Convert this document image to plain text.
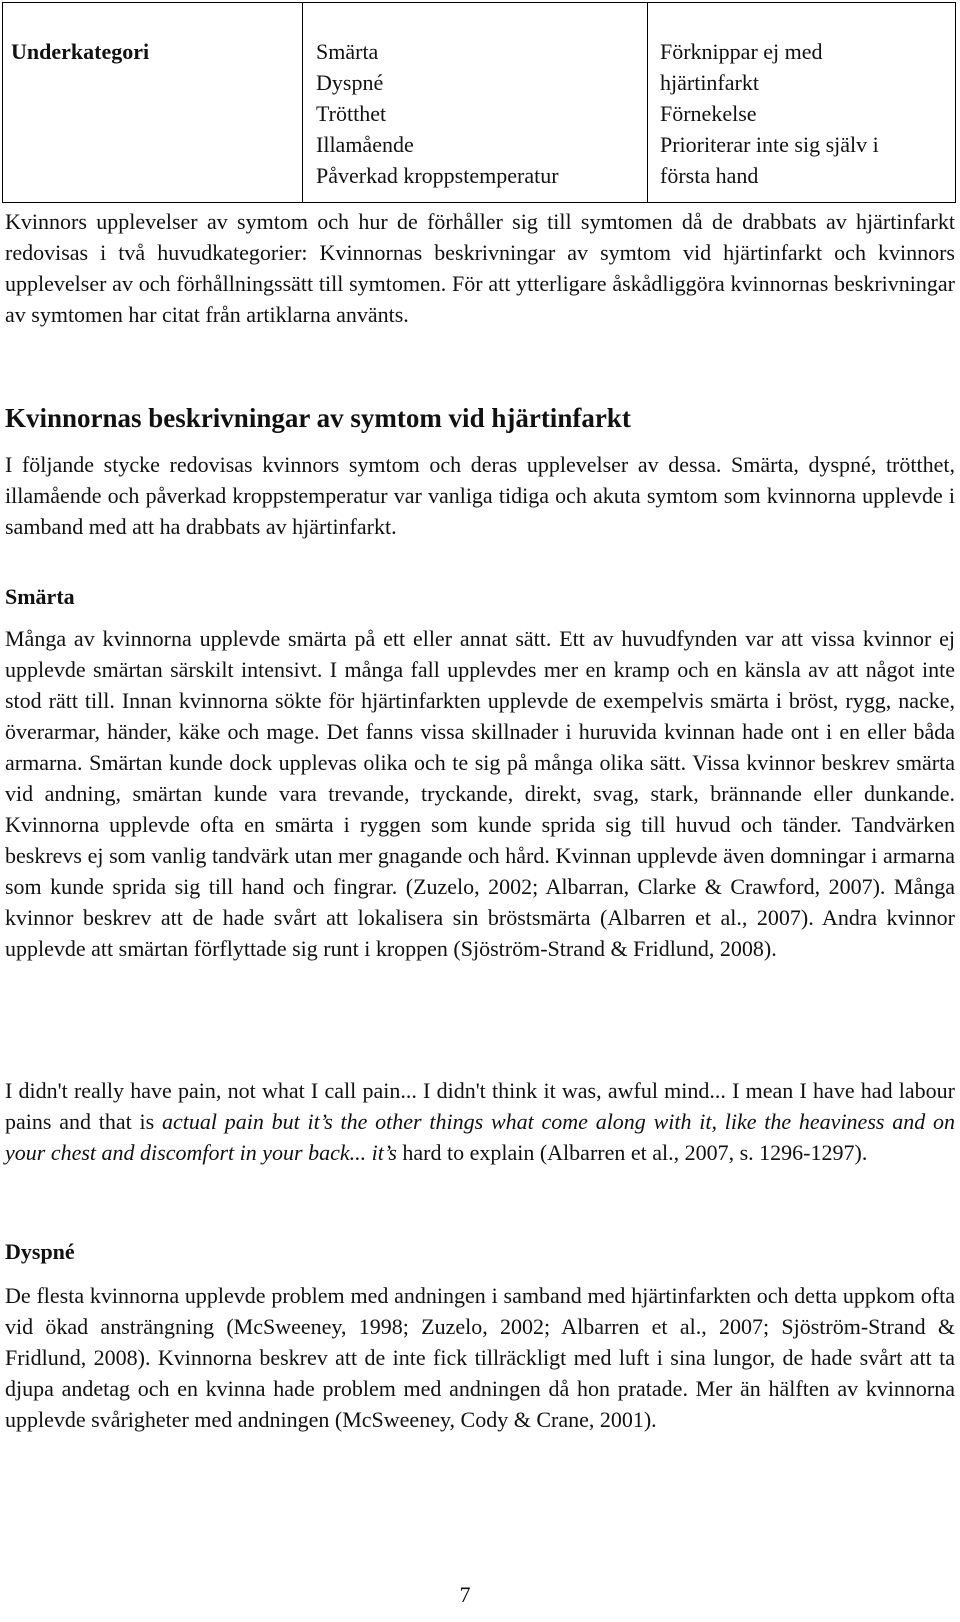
Underkategori	Smärta
Dyspné
Trötthet
Illamående
Påverkad kroppstemperatur
Förknippar ej med
hjärtinfarkt
Förnekelse
Prioriterar inte sig själv i
första hand
Kvinnors upplevelser av symtom och hur de förhåller sig till symtomen då de drabbats av hjärtinfarkt redovisas i två huvudkategorier: Kvinnornas beskrivningar av symtom vid hjärtinfarkt och kvinnors upplevelser av och förhållningssätt till symtomen. För att ytterligare åskådliggöra kvinnornas beskrivningar av symtomen har citat från artiklarna använts.
Kvinnornas beskrivningar av symtom vid hjärtinfarkt
I följande stycke redovisas kvinnors symtom och deras upplevelser av dessa. Smärta, dyspné, trötthet, illamående och påverkad kroppstemperatur var vanliga tidiga och akuta symtom som kvinnorna upplevde i samband med att ha drabbats av hjärtinfarkt.
Smärta
Många av kvinnorna upplevde smärta på ett eller annat sätt. Ett av huvudfynden var att vissa kvinnor ej upplevde smärtan särskilt intensivt. I många fall upplevdes mer en kramp och en känsla av att något inte stod rätt till. Innan kvinnorna sökte för hjärtinfarkten upplevde de exempelvis smärta i bröst, rygg, nacke, överarmar, händer, käke och mage. Det fanns vissa skillnader i huruvida kvinnan hade ont i en eller båda armarna. Smärtan kunde dock upplevas olika och te sig på många olika sätt. Vissa kvinnor beskrev smärta vid andning, smärtan kunde vara trevande, tryckande, direkt, svag, stark, brännande eller dunkande. Kvinnorna upplevde ofta en smärta i ryggen som kunde sprida sig till huvud och tänder. Tandvärken beskrevs ej som vanlig tandvärk utan mer gnagande och hård. Kvinnan upplevde även domningar i armarna som kunde sprida sig till hand och fingrar. (Zuzelo, 2002; Albarran, Clarke & Crawford, 2007). Många kvinnor beskrev att de hade svårt att lokalisera sin bröstsmärta (Albarren et al., 2007). Andra kvinnor upplevde att smärtan förflyttade sig runt i kroppen (Sjöström-Strand & Fridlund, 2008).
I didn't really have pain, not what I call pain... I didn't think it was, awful mind... I mean I have had labour pains and that is actual pain but it’s the other things what come along with it, like the heaviness and on your chest and discomfort in your back... it’s hard to explain (Albarren et al., 2007, s. 1296-1297).
Dyspné
De flesta kvinnorna upplevde problem med andningen i samband med hjärtinfarkten och detta uppkom ofta vid ökad ansträngning (McSweeney, 1998; Zuzelo, 2002; Albarren et al., 2007; Sjöström-Strand & Fridlund, 2008). Kvinnorna beskrev att de inte fick tillräckligt med luft i sina lungor, de hade svårt att ta djupa andetag och en kvinna hade problem med andningen då hon pratade. Mer än hälften av kvinnorna upplevde svårigheter med andningen (McSweeney, Cody & Crane, 2001).
7
